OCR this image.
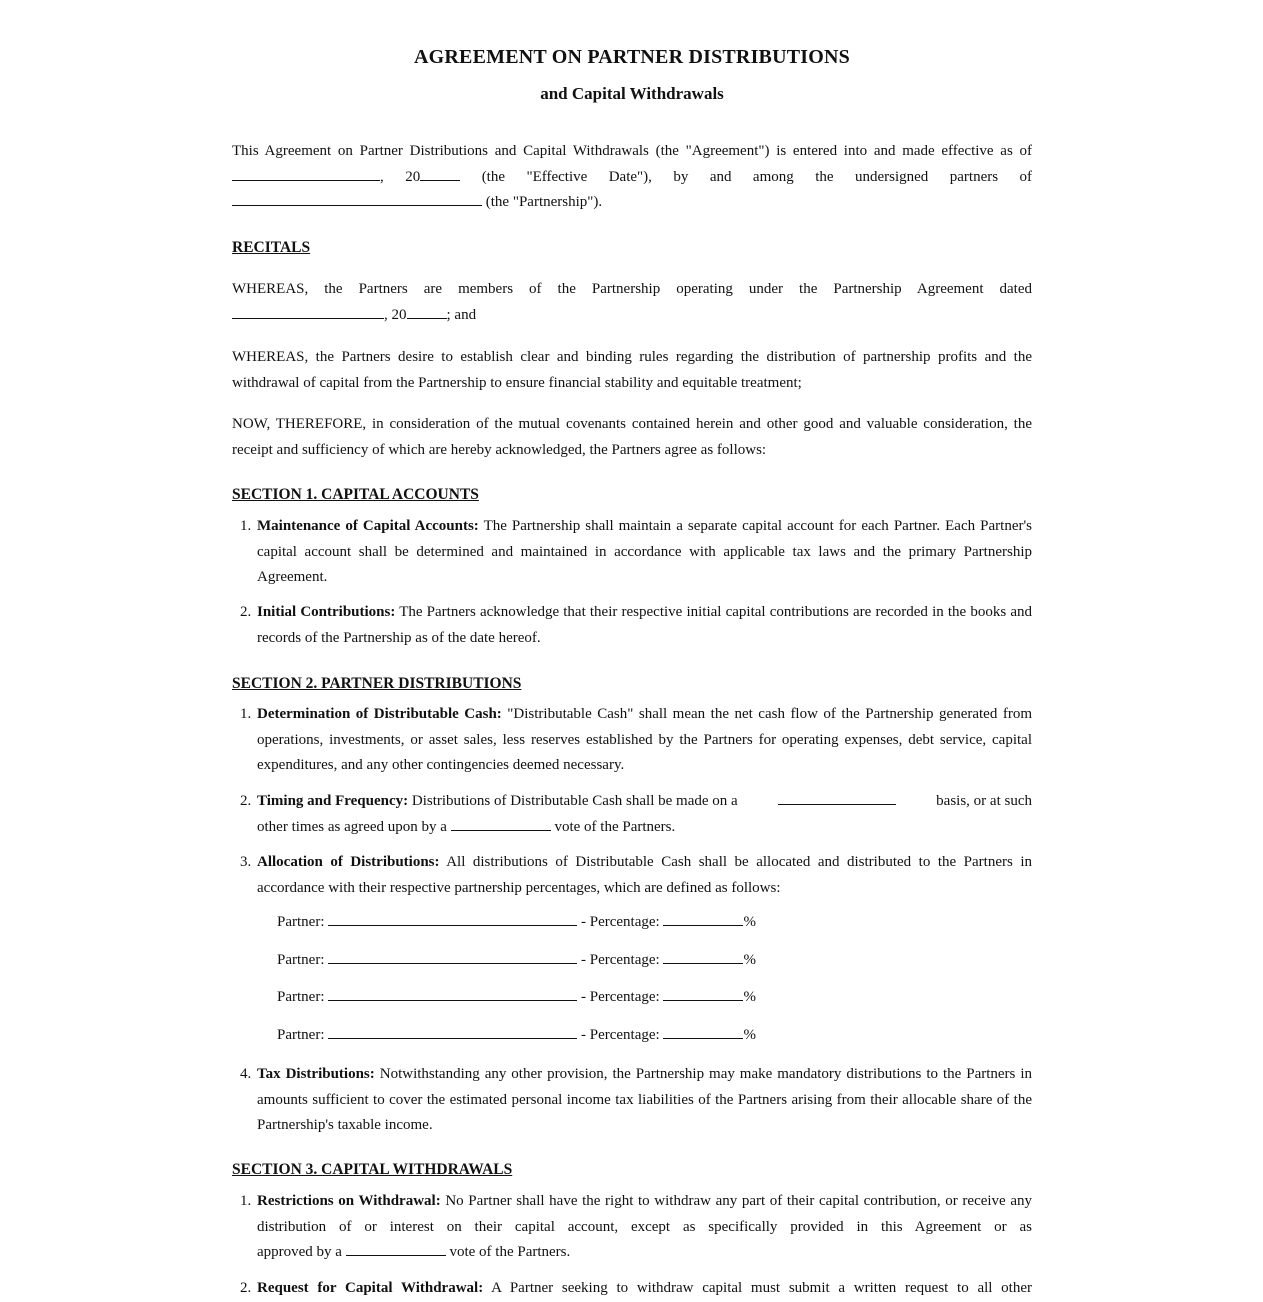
AGREEMENT ON PARTNER DISTRIBUTIONS
and Capital Withdrawals
This Agreement on Partner Distributions and Capital Withdrawals (the "Agreement") is entered into and made effective as of
, 20	(the "Effective Date"), by and among the undersigned partners of
(the "Partnership").
RECITALS
WHEREAS, the Partners are members of the Partnership operating under the Partnership Agreement dated
, 20	; and

WHEREAS, the Partners desire to establish clear and binding rules regarding the distribution of partnership profits and the withdrawal of capital from the Partnership to ensure financial stability and equitable treatment;

NOW, THEREFORE, in consideration of the mutual covenants contained herein and other good and valuable consideration, the receipt and sufficiency of which are hereby acknowledged, the Partners agree as follows:

SECTION 1. CAPITAL ACCOUNTS
1. Maintenance of Capital Accounts: The Partnership shall maintain a separate capital account for each Partner. Each Partner's capital account shall be determined and maintained in accordance with applicable tax laws and the primary Partnership Agreement.

2. Initial Contributions: The Partners acknowledge that their respective initial capital contributions are recorded in the books and records of the Partnership as of the date hereof.

SECTION 2. PARTNER DISTRIBUTIONS
1. Determination of Distributable Cash: "Distributable Cash" shall mean the net cash flow of the Partnership generated from operations, investments, or asset sales, less reserves established by the Partners for operating expenses, debt service, capital expenditures, and any other contingencies deemed necessary.

2. Timing and Frequency: Distributions of Distributable Cash shall be made on a	basis, or at such
other times as agreed upon by a	vote of the Partners.
3. Allocation of Distributions: All distributions of Distributable Cash shall be allocated and distributed to the Partners in accordance with their respective partnership percentages, which are defined as follows:

Partner:	- Percentage:	%
Partner:	- Percentage:	%
Partner:	- Percentage:	%
Partner:	- Percentage:	%
4. Tax Distributions: Notwithstanding any other provision, the Partnership may make mandatory distributions to the Partners in amounts sufficient to cover the estimated personal income tax liabilities of the Partners arising from their allocable share of the Partnership's taxable income.

SECTION 3. CAPITAL WITHDRAWALS
1. Restrictions on Withdrawal: No Partner shall have the right to withdraw any part of their capital contribution, or receive any distribution of or interest on their capital account, except as specifically provided in this Agreement or as
approved by a	vote of the Partners.
2. Request for Capital Withdrawal: A Partner seeking to withdraw capital must submit a written request to all other
